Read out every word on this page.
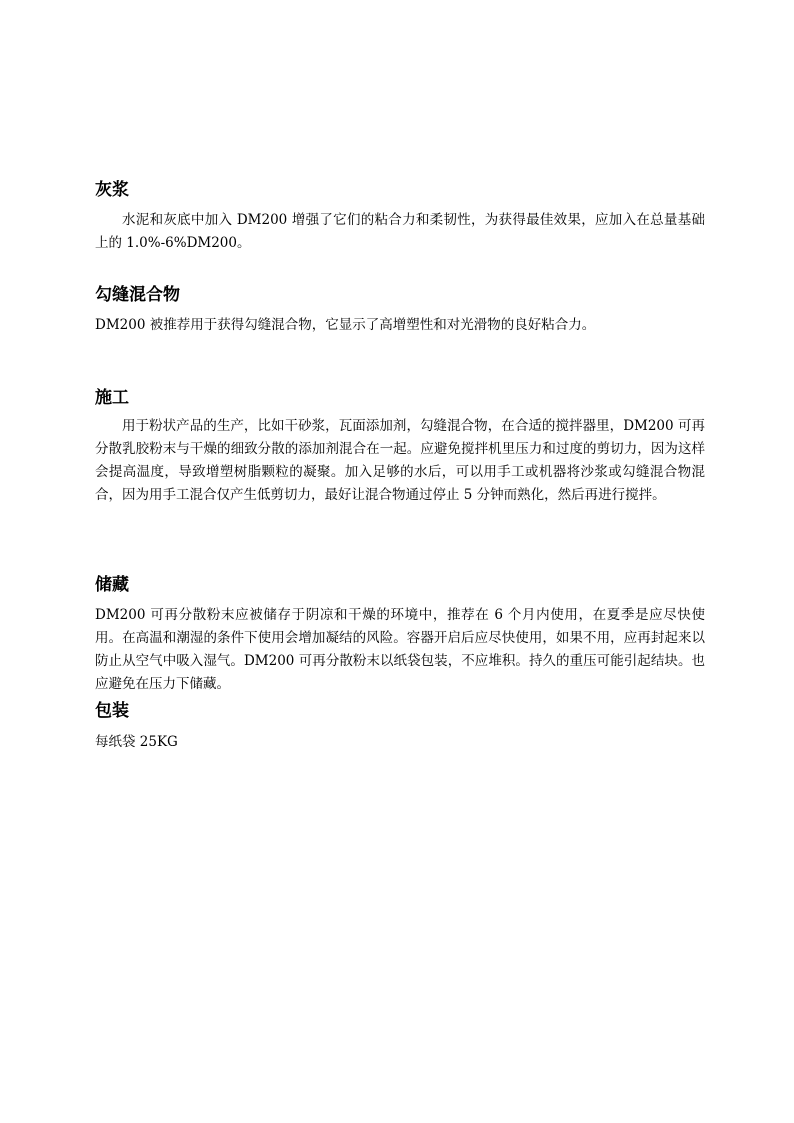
灰浆

水泥和灰底中加入 DM200 增强了它们的粘合力和柔韧性，为获得最佳效果，应加入在总量基础上的 1.0%-6%DM200。

勾缝混合物

DM200 被推荐用于获得勾缝混合物，它显示了高增塑性和对光滑物的良好粘合力。

施工

用于粉状产品的生产，比如干砂浆，瓦面添加剂，勾缝混合物，在合适的搅拌器里，DM200 可再分散乳胶粉末与干燥的细致分散的添加剂混合在一起。应避免搅拌机里压力和过度的剪切力，因为这样会提高温度，导致增塑树脂颗粒的凝聚。加入足够的水后，可以用手工或机器将沙浆或勾缝混合物混合，因为用手工混合仅产生低剪切力，最好让混合物通过停止 5 分钟而熟化，然后再进行搅拌。

储藏

DM200 可再分散粉末应被储存于阴凉和干燥的环境中，推荐在 6 个月内使用，在夏季是应尽快使用。在高温和潮湿的条件下使用会增加凝结的风险。容器开启后应尽快使用，如果不用，应再封起来以防止从空气中吸入湿气。DM200 可再分散粉末以纸袋包装，不应堆积。持久的重压可能引起结块。也应避免在压力下储藏。

包装

每纸袋 25KG
